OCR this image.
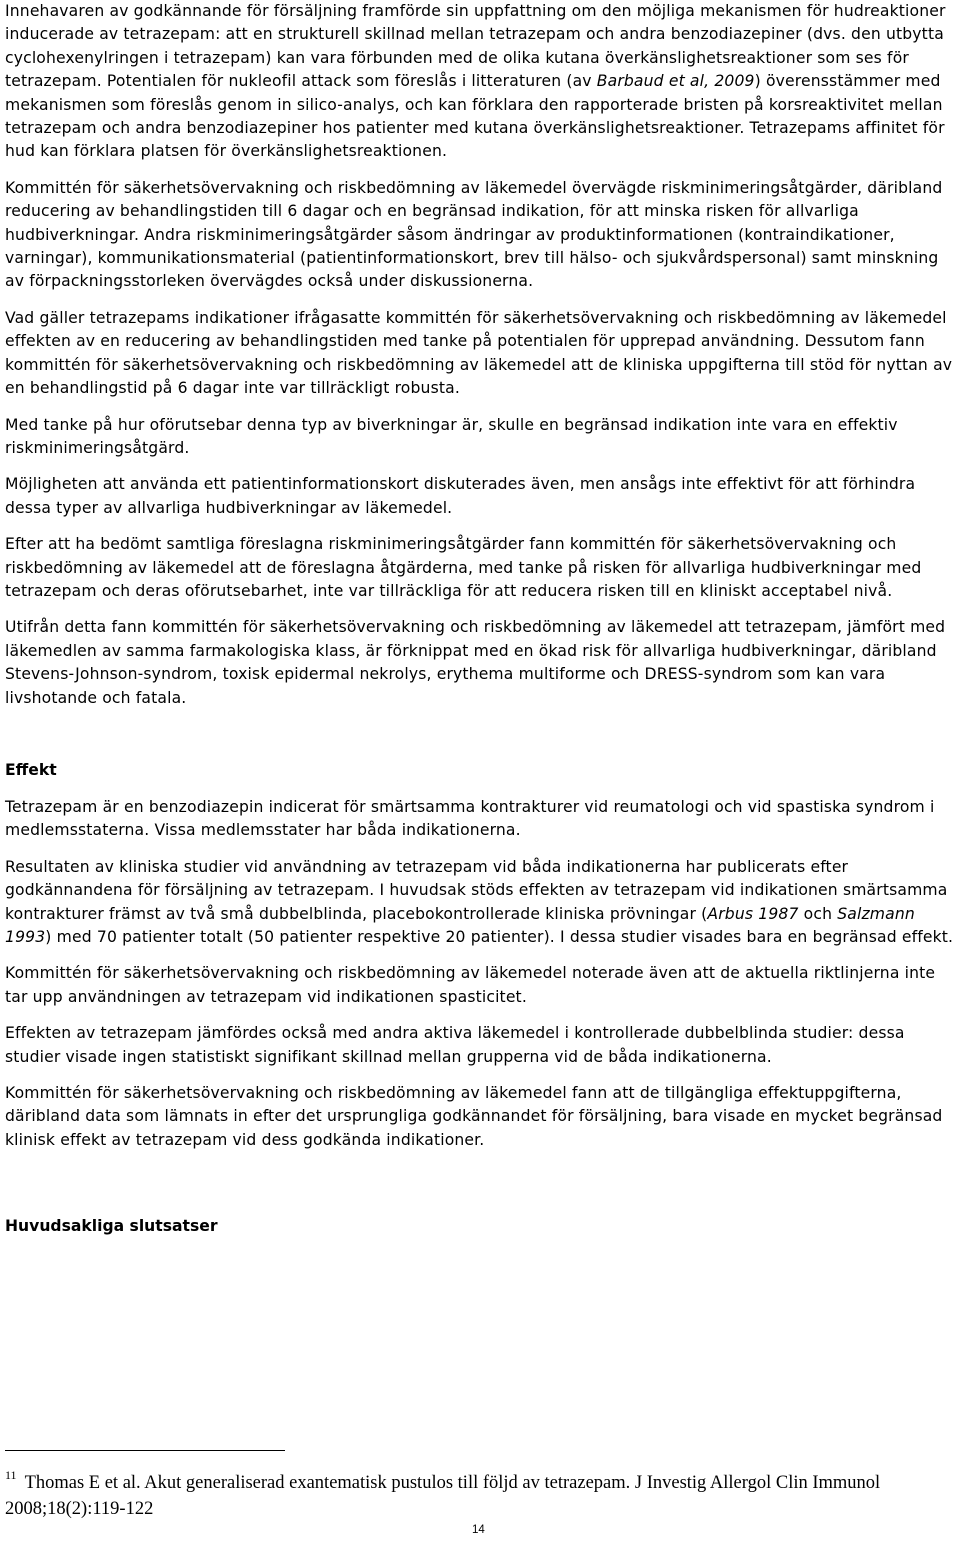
Innehavaren av godkännande för försäljning framförde sin uppfattning om den möjliga mekanismen för hudreaktioner inducerade av tetrazepam: att en strukturell skillnad mellan tetrazepam och andra benzodiazepiner (dvs. den utbytta cyclohexenylringen i tetrazepam) kan vara förbunden med de olika kutana överkänslighetsreaktioner som ses för tetrazepam. Potentialen för nukleofil attack som föreslås i litteraturen (av Barbaud et al, 2009) överensstämmer med mekanismen som föreslås genom in silico-analys, och kan förklara den rapporterade bristen på korsreaktivitet mellan tetrazepam och andra benzodiazepiner hos patienter med kutana överkänslighetsreaktioner. Tetrazepams affinitet för hud kan förklara platsen för överkänslighetsreaktionen.

Kommittén för säkerhetsövervakning och riskbedömning av läkemedel övervägde riskminimeringsåtgärder, däribland reducering av behandlingstiden till 6 dagar och en begränsad indikation, för att minska risken för allvarliga hudbiverkningar. Andra riskminimeringsåtgärder såsom ändringar av produktinformationen (kontraindikationer, varningar), kommunikationsmaterial (patientinformationskort, brev till hälso- och sjukvårdspersonal) samt minskning av förpackningsstorleken övervägdes också under diskussionerna.

Vad gäller tetrazepams indikationer ifrågasatte kommittén för säkerhetsövervakning och riskbedömning av läkemedel effekten av en reducering av behandlingstiden med tanke på potentialen för upprepad användning. Dessutom fann kommittén för säkerhetsövervakning och riskbedömning av läkemedel att de kliniska uppgifterna till stöd för nyttan av en behandlingstid på 6 dagar inte var tillräckligt robusta.

Med tanke på hur oförutsebar denna typ av biverkningar är, skulle en begränsad indikation inte vara en effektiv riskminimeringsåtgärd.

Möjligheten att använda ett patientinformationskort diskuterades även, men ansågs inte effektivt för att förhindra dessa typer av allvarliga hudbiverkningar av läkemedel.

Efter att ha bedömt samtliga föreslagna riskminimeringsåtgärder fann kommittén för säkerhetsövervakning och riskbedömning av läkemedel att de föreslagna åtgärderna, med tanke på risken för allvarliga hudbiverkningar med tetrazepam och deras oförutsebarhet, inte var tillräckliga för att reducera risken till en kliniskt acceptabel nivå.

Utifrån detta fann kommittén för säkerhetsövervakning och riskbedömning av läkemedel att tetrazepam, jämfört med läkemedlen av samma farmakologiska klass, är förknippat med en ökad risk för allvarliga hudbiverkningar, däribland Stevens-Johnson-syndrom, toxisk epidermal nekrolys, erythema multiforme och DRESS-syndrom som kan vara livshotande och fatala.

Effekt

Tetrazepam är en benzodiazepin indicerat för smärtsamma kontrakturer vid reumatologi och vid spastiska syndrom i medlemsstaterna. Vissa medlemsstater har båda indikationerna.

Resultaten av kliniska studier vid användning av tetrazepam vid båda indikationerna har publicerats efter godkännandena för försäljning av tetrazepam. I huvudsak stöds effekten av tetrazepam vid indikationen smärtsamma kontrakturer främst av två små dubbelblinda, placebokontrollerade kliniska prövningar (Arbus 1987 och Salzmann 1993) med 70 patienter totalt (50 patienter respektive 20 patienter). I dessa studier visades bara en begränsad effekt.

Kommittén för säkerhetsövervakning och riskbedömning av läkemedel noterade även att de aktuella riktlinjerna inte tar upp användningen av tetrazepam vid indikationen spasticitet.

Effekten av tetrazepam jämfördes också med andra aktiva läkemedel i kontrollerade dubbelblinda studier: dessa studier visade ingen statistiskt signifikant skillnad mellan grupperna vid de båda indikationerna.

Kommittén för säkerhetsövervakning och riskbedömning av läkemedel fann att de tillgängliga effektuppgifterna, däribland data som lämnats in efter det ursprungliga godkännandet för försäljning, bara visade en mycket begränsad klinisk effekt av tetrazepam vid dess godkända indikationer.

Huvudsakliga slutsatser
$^{11}$ Thomas E et al. Akut generaliserad exantematisk pustulos till följd av tetrazepam. J Investig Allergol Clin Immunol 2008;18(2):119-122
14
